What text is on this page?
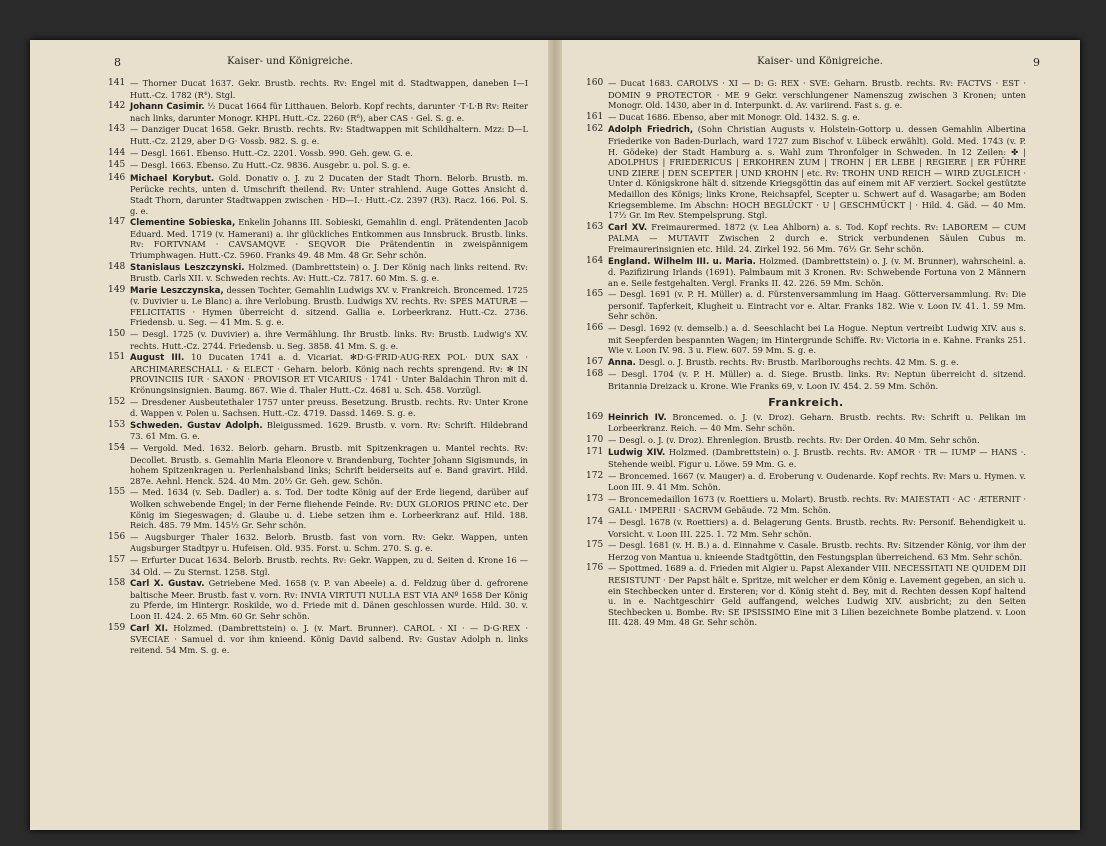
8	Kaiser- und Königreiche.
141 — Thorner Ducat 1637. Gekr. Brustb. rechts. Rv: Engel mit d. Stadtwappen, daneben I—I Hutt.-Cz. 1782 (R⁴). Stgl.
142 Johann Casimir. ½ Ducat 1664 für Litthauen. Belorb. Kopf rechts, darunter ·T·L·B Rv: Reiter nach links, darunter Monogr. KHPL Hutt.-Cz. 2260 (R⁶), aber CAS · Gel. S. g. e.
143 — Danziger Ducat 1658. Gekr. Brustb. rechts. Rv: Stadtwappen mit Schildhaltern. Mzz: D—L Hutt.-Cz. 2129, aber D·G· Vossb. 982. S. g. e.
144 — Desgl. 1661. Ebenso. Hutt.-Cz. 2201. Vossb. 990. Geh. gew. G. e.
145 — Desgl. 1663. Ebenso. Zu Hutt.-Cz. 9836. Ausgebr. u. pol. S. g. e.
146 Michael Korybut. Gold. Donativ o. J. zu 2 Ducaten der Stadt Thorn. Belorb. Brustb. m. Perücke rechts, unten d. Umschrift theilend. Rv: Unter strahlend. Auge Gottes Ansicht d. Stadt Thorn, darunter Stadtwappen zwischen · HD—I.· Hutt.-Cz. 2397 (R3). Racz. 166. Pol. S. g. e.
147 Clementine Sobieska, Enkelin Johanns III. Sobieski, Gemahlin d. engl. Prätendenten Jacob Eduard. Med. 1719 (v. Hamerani) a. ihr glückliches Entkommen aus Innsbruck. Brustb. links. Rv: FORTVNAM · CAVSAMQVE · SEQVOR Die Prätendentin in zweispännigem Triumphwagen. Hutt.-Cz. 5960. Franks 49. 48 Mm. 48 Gr. Sehr schön.
148 Stanislaus Leszczynski. Holzmed. (Dambrettstein) o. J. Der König nach links reitend. Rv: Brustb. Carls XII. v. Schweden rechts. Av: Hutt.-Cz. 7817. 60 Mm. S. g. e.
149 Marie Leszczynska, dessen Tochter, Gemahlin Ludwigs XV. v. Frankreich. Broncemed. 1725 (v. Duvivier u. Le Blanc) a. ihre Verlobung. Brustb. Ludwigs XV. rechts. Rv: SPES MATURÆ — FELICITATIS · Hymen überreicht d. sitzend. Gallia e. Lorbeerkranz. Hutt.-Cz. 2736. Friedensb. u. Seg. — 41 Mm. S. g. e.
150 — Desgl. 1725 (v. Duvivier) a. ihre Vermählung. Ihr Brustb. links. Rv: Brustb. Ludwig's XV. rechts. Hutt.-Cz. 2744. Friedensb. u. Seg. 3858. 41 Mm. S. g. e.
151 August III. 10 Ducaten 1741 a. d. Vicariat. ✻D·G·FRID·AUG·REX POL· DUX SAX · ARCHIMARESCHALL · & ELECT · Geharn. belorb. König nach rechts sprengend. Rv: ✻ IN PROVINCIIS IUR · SAXON · PROVISOR ET VICARIUS · 1741 · Unter Baldachin Thron mit d. Krönungsinsignien. Baumg. 867. Wie d. Thaler Hutt.-Cz. 4681 u. Sch. 458. Vorzügl.
152 — Dresdener Ausbeutethaler 1757 unter preuss. Besetzung. Brustb. rechts. Rv: Unter Krone d. Wappen v. Polen u. Sachsen. Hutt.-Cz. 4719. Dassd. 1469. S. g. e.
153 Schweden. Gustav Adolph. Bleigussmed. 1629. Brustb. v. vorn. Rv: Schrift. Hildebrand 73. 61 Mm. G. e.
154 — Vergold. Med. 1632. Belorb. geharn. Brustb. mit Spitzenkragen u. Mantel rechts. Rv: Decollet. Brustb. s. Gemahlin Maria Eleonore v. Brandenburg, Tochter Johann Sigismunds, in hohem Spitzenkragen u. Perlenhalsband links; Schrift beiderseits auf e. Band gravirt. Hild. 287e. Aehnl. Henck. 524. 40 Mm. 20½ Gr. Geh. gew. Schön.
155 — Med. 1634 (v. Seb. Dadler) a. s. Tod. Der todte König auf der Erde liegend, darüber auf Wolken schwebende Engel; in der Ferne fliehende Feinde. Rv: DUX GLORIOS PRINC etc. Der König im Siegeswagen; d. Glaube u. d. Liebe setzen ihm e. Lorbeerkranz auf. Hild. 188. Reich. 485. 79 Mm. 145½ Gr. Sehr schön.
156 — Augsburger Thaler 1632. Belorb. Brustb. fast von vorn. Rv: Gekr. Wappen, unten Augsburger Stadtpyr u. Hufeisen. Old. 935. Forst. u. Schm. 270. S. g. e.
157 — Erfurter Ducat 1634. Belorb. Brustb. rechts. Rv: Gekr. Wappen, zu d. Seiten d. Krone 16 — 34 Old. — Zu Sternst. 1258. Stgl.
158 Carl X. Gustav. Getriebene Med. 1658 (v. P. van Abeele) a. d. Feldzug über d. gefrorene baltische Meer. Brustb. fast v. vorn. Rv: INVIA VIRTUTI NULLA EST VIA ANº 1658 Der König zu Pferde, im Hintergr. Roskilde, wo d. Friede mit d. Dänen geschlossen wurde. Hild. 30. v. Loon II. 424. 2. 65 Mm. 60 Gr. Sehr schön.
159 Carl XI. Holzmed. (Dambrettstein) o. J. (v. Mart. Brunner). CAROL · XI · — D·G·REX · SVECIAE · Samuel d. vor ihm knieend. König David salbend. Rv: Gustav Adolph n. links reitend. 54 Mm. S. g. e.
Kaiser- und Königreiche.	9
160 — Ducat 1683. CAROLVS · XI — D: G: REX · SVE: Geharn. Brustb. rechts. Rv: FACTVS · EST · DOMIN 9 PROTECTOR · ME 9 Gekr. verschlungener Namenszug zwischen 3 Kronen; unten Monogr. Old. 1430, aber in d. Interpunkt. d. Av. variirend. Fast s. g. e.
161 — Ducat 1686. Ebenso, aber mit Monogr. Old. 1432. S. g. e.
162 Adolph Friedrich, (Sohn Christian Augusts v. Holstein-Gottorp u. dessen Gemahlin Albertina Friederike von Baden-Durlach, ward 1727 zum Bischof v. Lübeck erwählt). Gold. Med. 1743 (v. P. H. Gödeke) der Stadt Hamburg a. s. Wahl zum Thronfolger in Schweden. In 12 Zeilen: ✤ | ADOLPHUS | FRIEDERICUS | ERKOHREN ZUM | TROHN | ER LEBE | REGIERE | ER FÜHRE UND ZIERE | DEN SCEPTER | UND KROHN | etc. Rv: TROHN UND REICH — WIRD ZUGLEICH · Unter d. Königskrone hält d. sitzende Kriegsgöttin das auf einem mit AF verziert. Sockel gestützte Medaillon des Königs; links Krone, Reichsapfel, Scepter u. Schwert auf d. Wasagarbe; am Boden Kriegsembleme. Im Abschn: HOCH BEGLÜCKT · U | GESCHMÜCKT | · Hild. 4. Gäd. — 40 Mm. 17½ Gr. Im Rev. Stempelsprung. Stgl.
163 Carl XV. Freimaurermed. 1872 (v. Lea Ahlborn) a. s. Tod. Kopf rechts. Rv: LABOREM — CUM PALMA — MUTAVIT Zwischen 2 durch e. Strick verbundenen Säulen Cubus m. Freimaurerinsignien etc. Hild. 24. Zirkel 192. 56 Mm. 76½ Gr. Sehr schön.
164 England. Wilhelm III. u. Maria. Holzmed. (Dambrettstein) o. J. (v. M. Brunner), wahrscheinl. a. d. Pazifizirung Irlands (1691). Palmbaum mit 3 Kronen. Rv: Schwebende Fortuna von 2 Männern an e. Seile festgehalten. Vergl. Franks II. 42. 226. 59 Mm. Schön.
165 — Desgl. 1691 (v. P. H. Müller) a. d. Fürstenversammlung im Haag. Götterversammlung. Rv: Die personif. Tapferkeit, Klugheit u. Eintracht vor e. Altar. Franks 182. Wie v. Loon IV. 41. 1. 59 Mm. Sehr schön.
166 — Desgl. 1692 (v. demselb.) a. d. Seeschlacht bei La Hogue. Neptun vertreibt Ludwig XIV. aus s. mit Seepferden bespannten Wagen; im Hintergrunde Schiffe. Rv: Victoria in e. Kahne. Franks 251. Wie v. Loon IV. 98. 3 u. Fiew. 607. 59 Mm. S. g. e.
167 Anna. Desgl. o. J. Brustb. rechts. Rv: Brustb. Marlboroughs rechts. 42 Mm. S. g. e.
168 — Desgl. 1704 (v. P. H. Müller) a. d. Siege. Brustb. links. Rv: Neptun überreicht d. sitzend. Britannia Dreizack u. Krone. Wie Franks 69, v. Loon IV. 454. 2. 59 Mm. Schön.
Frankreich.
169 Heinrich IV. Broncemed. o. J. (v. Droz). Geharn. Brustb. rechts. Rv: Schrift u. Pelikan im Lorbeerkranz. Reich. — 40 Mm. Sehr schön.
170 — Desgl. o. J. (v. Droz). Ehrenlegion. Brustb. rechts. Rv: Der Orden. 40 Mm. Sehr schön.
171 Ludwig XIV. Holzmed. (Dambrettstein) o. J. Brustb. rechts. Rv: AMOR · TR — IUMP — HANS ·. Stehende weibl. Figur u. Löwe. 59 Mm. G. e.
172 — Broncemed. 1667 (v. Mauger) a. d. Eroberung v. Oudenarde. Kopf rechts. Rv: Mars u. Hymen. v. Loon III. 9. 41 Mm. Schön.
173 — Broncemedaillon 1673 (v. Roettiers u. Molart). Brustb. rechts. Rv: MAIESTATI · AC · ÆTERNIT · GALL · IMPERII · SACRVM Gebäude. 72 Mm. Schön.
174 — Desgl. 1678 (v. Roettiers) a. d. Belagerung Gents. Brustb. rechts. Rv: Personif. Behendigkeit u. Vorsicht. v. Loon III. 225. 1. 72 Mm. Sehr schön.
175 — Desgl. 1681 (v. H. B.) a. d. Einnahme v. Casale. Brustb. rechts. Rv: Sitzender König, vor ihm der Herzog von Mantua u. knieende Stadtgöttin, den Festungsplan überreichend. 63 Mm. Sehr schön.
176 — Spottmed. 1689 a. d. Frieden mit Algier u. Papst Alexander VIII. NECESSITATI NE QUIDEM DII RESISTUNT · Der Papst hält e. Spritze, mit welcher er dem König e. Lavement gegeben, an sich u. ein Stechbecken unter d. Ersteren; vor d. König steht d. Bey, mit d. Rechten dessen Kopf haltend u. in e. Nachtgeschirr Geld auffangend, welches Ludwig XIV. ausbricht; zu den Seiten Stechbecken u. Bombe. Rv: SE IPSISSIMO Eine mit 3 Lilien bezeichnete Bombe platzend. v. Loon III. 428. 49 Mm. 48 Gr. Sehr schön.
